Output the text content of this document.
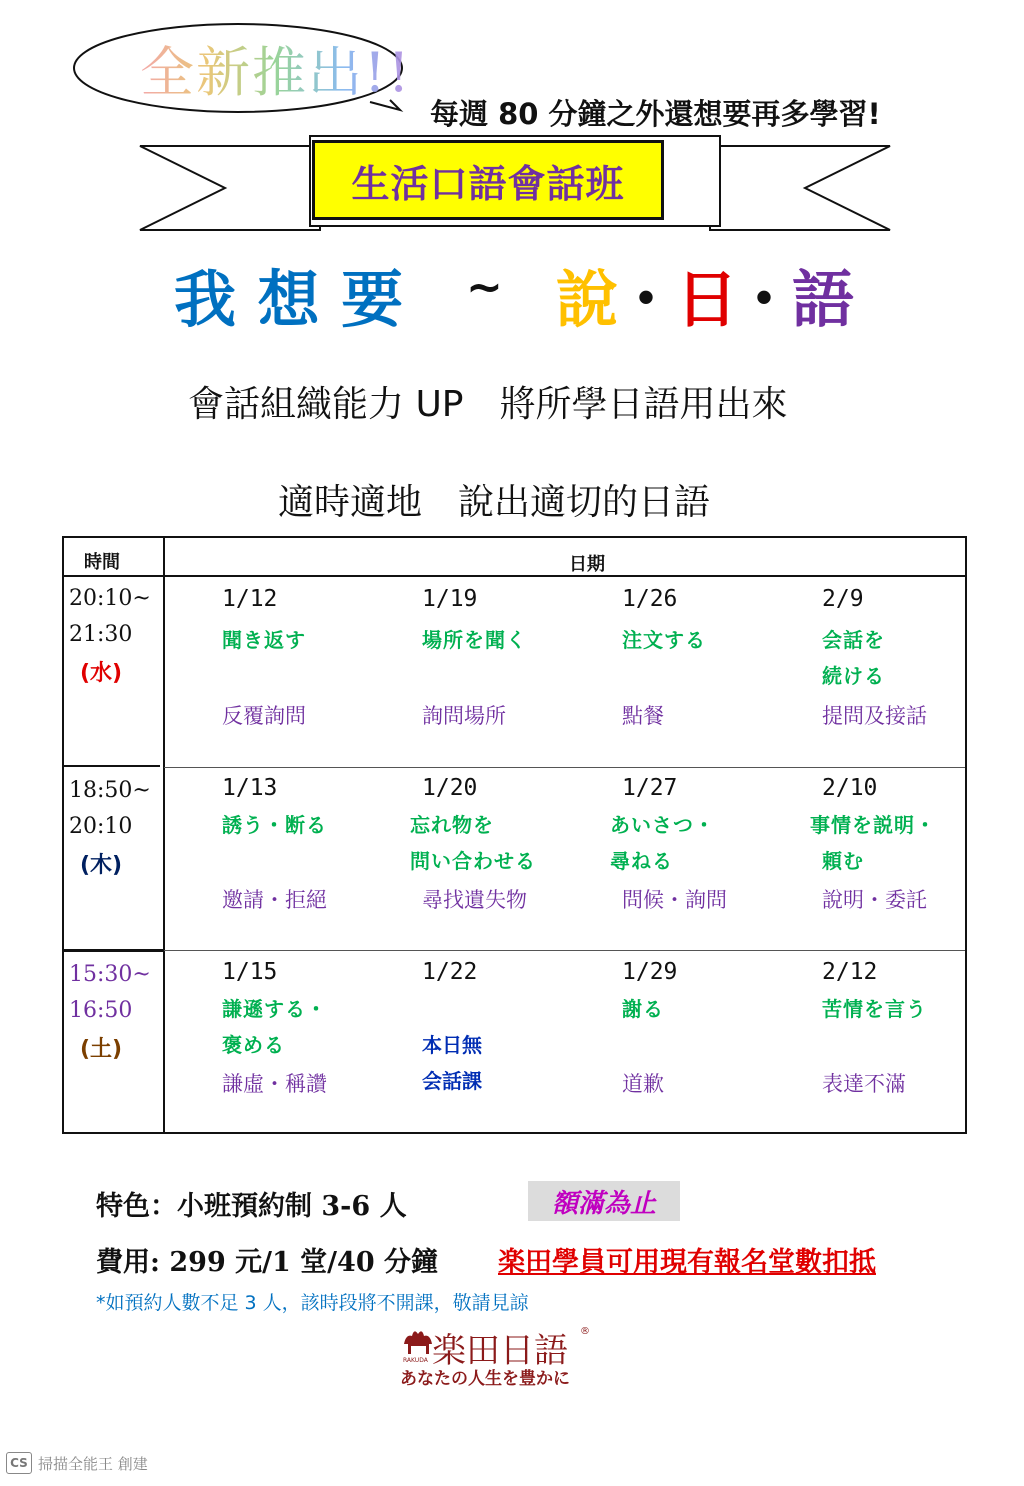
全新推出!!
每週 80 分鐘之外還想要再多學習!
生活口語會話班
我 想 要 ~ 說
・
日
・
語
會話組織能力 UP　將所學日語用出來
適時適地　說出適切的日語
時間	日期
20:10~
21:30
(水)
1/12
聞き返す
反覆詢問
1/19
場所を聞く
詢問場所
1/26
注文する
點餐
2/9
会話を
続ける
提問及接話
18:50~
20:10
(木)
1/13
誘う・断る
邀請・拒絕
1/20
忘れ物を
問い合わせる
尋找遺失物
1/27
あいさつ・
尋ねる
問候・詢問
2/10
事情を説明・
頼む
說明・委託
15:30~
16:50
(土)
1/15
謙遜する・
褒める
謙虛・稱讚
1/22
本日無
会話課
1/29
謝る
道歉
2/12
苦情を言う
表達不滿
特色：小班預約制 3-6 人	額滿為止
費用: 299 元/1 堂/40 分鐘 楽田學員可用現有報名堂數扣抵
*如預約人數不足 3 人，該時段將不開課，敬請見諒
RAKUDA 楽田日語 ®
あなたの人生を豊かに
CS 掃描全能王 創建
